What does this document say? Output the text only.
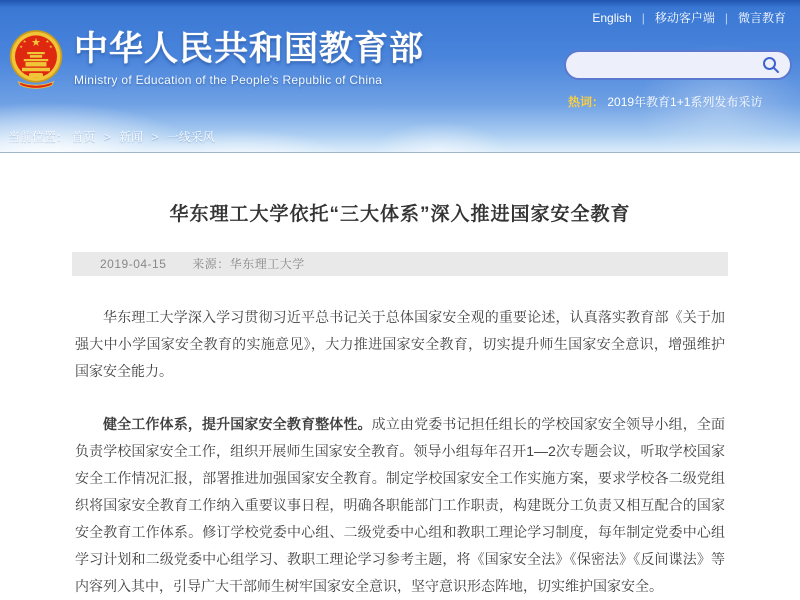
English | 移动客户端 | 微言教育
中华人民共和国教育部
Ministry of Education of the People's Republic of China
热词： 2019年教育1+1系列发布采访
当前位置： 首页 > 新闻 > 一线采风
华东理工大学依托“三大体系”深入推进国家安全教育
2019-04-15 来源：华东理工大学

华东理工大学深入学习贯彻习近平总书记关于总体国家安全观的重要论述，认真落实教育部《关于加强大中小学国家安全教育的实施意见》，大力推进国家安全教育，切实提升师生国家安全意识，增强维护国家安全能力。

健全工作体系，提升国家安全教育整体性。成立由党委书记担任组长的学校国家安全领导小组，全面负责学校国家安全工作，组织开展师生国家安全教育。领导小组每年召开1—2次专题会议，听取学校国家安全工作情况汇报，部署推进加强国家安全教育。制定学校国家安全工作实施方案，要求学校各二级党组织将国家安全教育工作纳入重要议事日程，明确各职能部门工作职责，构建既分工负责又相互配合的国家安全教育工作体系。修订学校党委中心组、二级党委中心组和教职工理论学习制度，每年制定党委中心组学习计划和二级党委中心组学习、教职工理论学习参考主题，将《国家安全法》《保密法》《反间谍法》等内容列入其中，引导广大干部师生树牢国家安全意识，坚守意识形态阵地，切实维护国家安全。
